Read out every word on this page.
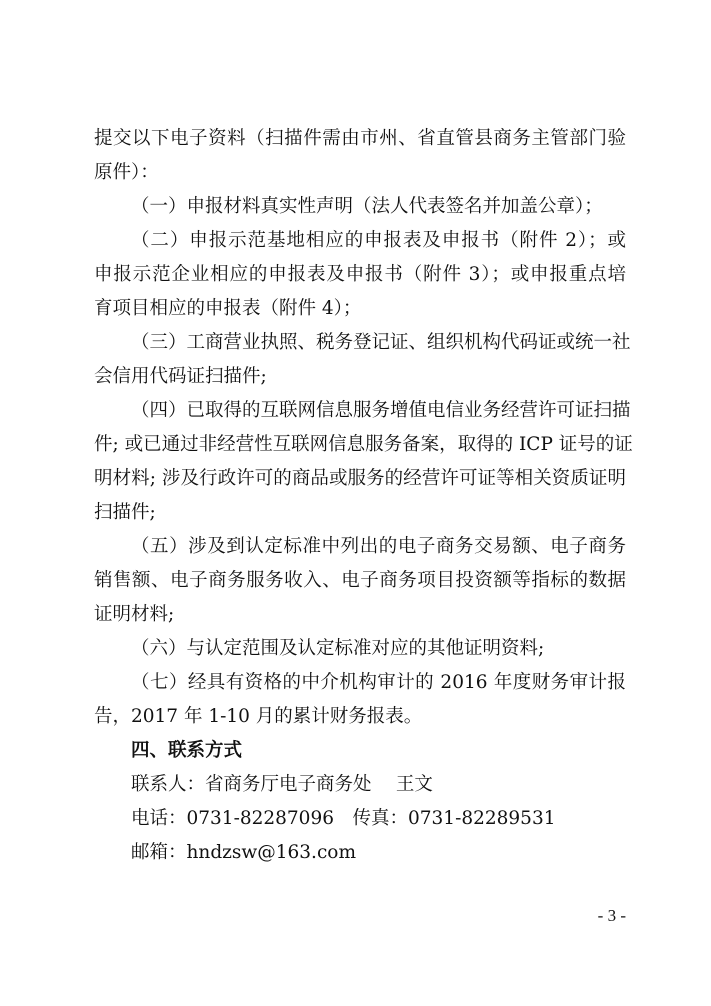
提交以下电子资料（扫描件需由市州、省直管县商务主管部门验
原件）：
（一）申报材料真实性声明（法人代表签名并加盖公章）；
（二）申报示范基地相应的申报表及申报书（附件 2）；或
申报示范企业相应的申报表及申报书（附件 3）；或申报重点培
育项目相应的申报表（附件 4）；
（三）工商营业执照、税务登记证、组织机构代码证或统一社
会信用代码证扫描件;
（四）已取得的互联网信息服务增值电信业务经营许可证扫描
件; 或已通过非经营性互联网信息服务备案，取得的 ICP 证号的证
明材料; 涉及行政许可的商品或服务的经营许可证等相关资质证明
扫描件;
（五）涉及到认定标准中列出的电子商务交易额、电子商务
销售额、电子商务服务收入、电子商务项目投资额等指标的数据
证明材料;
（六）与认定范围及认定标准对应的其他证明资料;
（七）经具有资格的中介机构审计的 2016 年度财务审计报
告，2017 年 1-10 月的累计财务报表。
四、联系方式
联系人：省商务厅电子商务处　 王文
电话：0731-82287096　传真：0731-82289531
邮箱：hndzsw@163.com
- 3 -
